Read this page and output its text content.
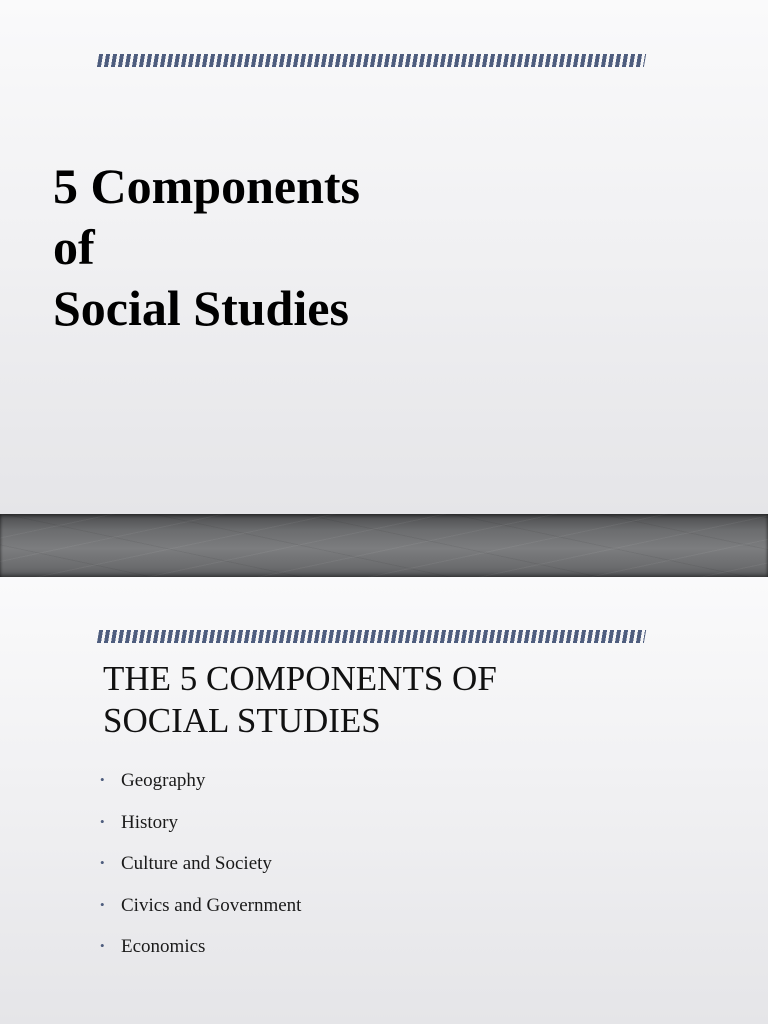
5 Components
of
Social Studies
THE 5 COMPONENTS OF
SOCIAL STUDIES
• Geography
• History
• Culture and Society
• Civics and Government
• Economics
